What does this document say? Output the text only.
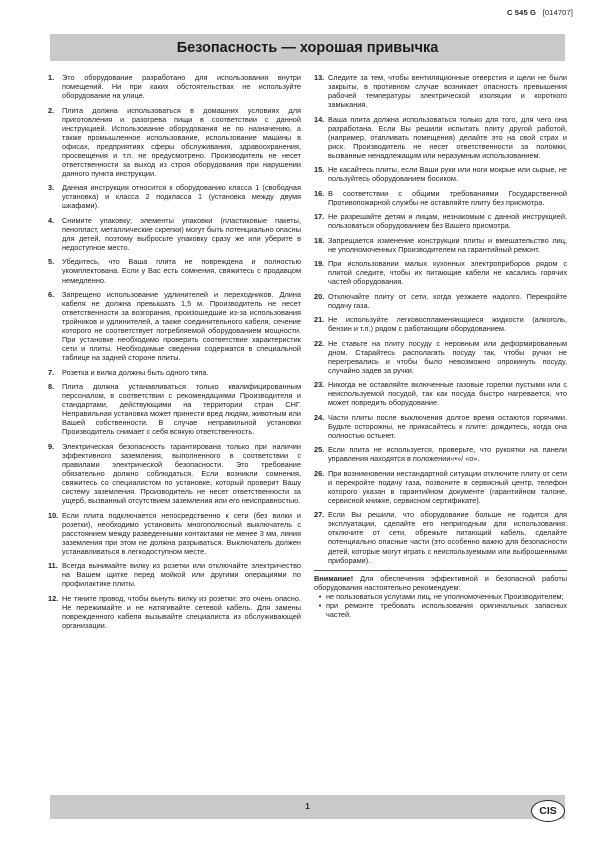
C 545 G [014707]
Безопасность — хорошая привычка
1.	Это оборудование разработано для использования внутри помещений. Ни при каких обстоятельствах не используйте оборудование на улице.
2.	Плита должна использоваться в домашних условиях для приготовления и разогрева пищи в соответствии с данной инструкцией. Использование оборудования не по назначению, а также промышленное использование, использование машины в офисах, предприятиях сферы обслуживания, здравоохранения, просвещения и т.п. не предусмотрено. Производитель не несет ответственности за выход из строя оборудования при нарушении данного пункта инструкции.
3.	Данная инструкция относится к оборудованию класса 1 (свободная установка) и класса 2 подкласса 1 (установка между двумя шкафами).
4.	Снимите упаковку; элементы упаковки (пластиковые пакеты, пенопласт, металлические скрепки) могут быть потенциально опасны для детей, поэтому выбросьте упаковку сразу же или уберите в недоступное место.
5.	Убедитесь, что Ваша плита не повреждена и полностью укомплектована. Если у Вас есть сомнения, свяжитесь с продавцом немедленно.
6.	Запрещено использование удлинителей и переходников. Длина кабеля не должна превышать 1,5 м. Производитель не несет ответственности за возгорания, произошедшие из-за использования тройников и удлинителей, а также соединительного кабеля, сечение которого не соответствует потребляемой оборудованием мощности. При установке необходимо проверить соответствие характеристик сети и плиты. Необходимые сведения содержатся в специальной таблице на задней стороне плиты.
7.	Розетка и вилка должны быть одного типа.
8.	Плита должна устанавливаться только квалифицированным персоналом, в соответствии с рекомендациями Производителя и стандартами, действующими на территории стран СНГ. Неправильная установка может принести вред людям, животным или Вашей собственности. В случае неправильной установки Производитель снимает с себя всякую ответственность.
9.	Электрическая безопасность гарантирована только при наличии эффективного заземления, выполненного в соответствии с правилами электрической безопасности. Это требование обязательно должно соблюдаться. Если возникли сомнения, свяжитесь со специалистом по установке, который проверит Вашу систему заземления. Производитель не несет ответственности за ущерб, вызванный отсутствием заземления или его неисправностью.
10. Если плита подключается непосредственно к сети (без вилки и розетки), необходимо установить многополюсный выключатель с расстоянием между разведенными контактами не менее 3 мм, линия заземления при этом не должна разрываться. Выключатель должен устанавливаться в легкодоступном месте.
11. Всегда вынимайте вилку из розетки или отключайте электричество на Вашем щитке перед мойкой или другими операциями по профилактике плиты.
12. Не тяните провод, чтобы вынуть вилку из розетки: это очень опасно. Не пережимайте и не натягивайте сетевой кабель. Для замены поврежденного кабеля вызывайте специалиста из обслуживающей организации.
13. Следите за тем, чтобы вентиляционные отверстия и щели не были закрыты, в противном случае возникает опасность превышения рабочей температуры электрической изоляции и короткого замыкания.
14. Ваша плита должна использоваться только для того, для чего она разработана. Если Вы решили испытать плиту другой работой, (например, отапливать помещения) делайте это на свой страх и риск. Производитель не несет ответственности за поломки, вызванные ненадлежащим или неразумным использованием.
15. Не касайтесь плиты, если Ваши руки или ноги мокрые или сырые, не пользуйтесь оборудованием босиком.
16. В соответствии с общими требованиями Государственной Противопожарной службы не оставляйте плиту без присмотра.
17. Не разрешайте детям и лицам, незнакомым с данной инструкцией, пользоваться оборудованием без Вашего присмотра.
18. Запрещается изменение конструкции плиты и вмешательство лиц, не уполномоченных Производителем на гарантийный ремонт.
19. При использовании малых кухонных электроприборов рядом с плитой следите, чтобы их питающие кабели не касались горячих частей оборудования.
20. Отключайте плиту от сети, когда уезжаете надолго. Перекройте подачу газа.
21. Не используйте легковоспламеняющиеся жидкости (алкоголь, бензин и т.п.) рядом с работающим оборудованием.
22. Не ставьте на плиту посуду с неровным или деформированным дном. Старайтесь располагать посуду так, чтобы ручки не перегревались и чтобы было невозможно опрокинуть посуду, случайно задев за ручки.
23. Никогда не оставляйте включенные газовые горелки пустыми или с неиспользуемой посудой, так как посуда быстро нагревается, что может повредить оборудование.
24. Части плиты после выключения долгое время остаются горячими. Будьте осторожны, не прикасайтесь к плите: дождитесь, когда она полностью остынет.
25. Если плита не используется, проверьте, что рукоятки на панели управления находятся в положении«•»/ «о».
26. При возникновении нестандартной ситуации отключите плиту от сети и перекройте подачу газа, позвоните в сервисный центр, телефон которого указан в гарантийном документе (гарантийном талоне, сервисной книжке, сервисном сертификате).
27. Если Вы решили, что оборудование больше не годится для эксплуатации, сделайте его непригодным для использования: отключите от сети, обрежьте питающий кабель, сделайте потенциально опасные части (это особенно важно для безопасности детей, которые могут играть с неиспользуемыми или выброшенными приборами).
Внимание! Для обеспечения эффективной и безопасной работы оборудования настоятельно рекомендуем:
• не пользоваться услугами лиц, не уполномоченных Производителем;
• при ремонте требовать использования оригинальных запасных частей.
1	CIS
